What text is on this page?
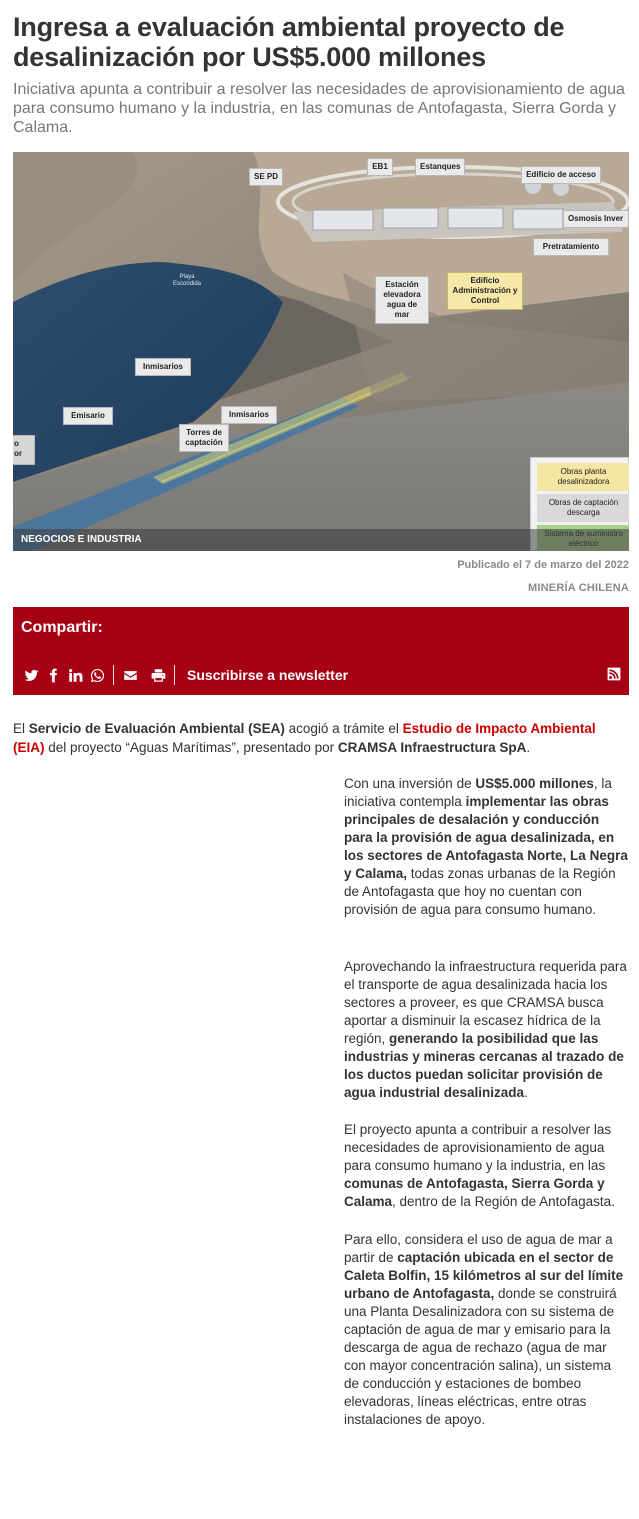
Ingresa a evaluación ambiental proyecto de desalinización por US$5.000 millones

Iniciativa apunta a contribuir a resolver las necesidades de aprovisionamiento de agua para consumo humano y la industria, en las comunas de Antofagasta, Sierra Gorda y Calama.

SE PD
EB1	Estanques
Edificio de acceso
Osmosis Inver
Pretratamiento
Estación elevadora agua de mar
Edificio Administración y Control
Playa Escondida
Inmisarios
Inmisarios
Emisario
Torres de captación
o
or
Obras planta desalinizadora
Obras de captación descarga
NEGOCIOS E INDUSTRIA
Publicado el 7 de marzo del 2022
MINERÍA CHILENA
Compartir:
Suscribirse a newsletter

El Servicio de Evaluación Ambiental (SEA) acogió a trámite el Estudio de Impacto Ambiental (EIA) del proyecto “Aguas Marítimas”, presentado por CRAMSA Infraestructura SpA.

Con una inversión de US$5.000 millones, la iniciativa contempla implementar las obras principales de desalación y conducción para la provisión de agua desalinizada, en los sectores de Antofagasta Norte, La Negra y Calama, todas zonas urbanas de la Región de Antofagasta que hoy no cuentan con provisión de agua para consumo humano.

Aprovechando la infraestructura requerida para el transporte de agua desalinizada hacia los sectores a proveer, es que CRAMSA busca aportar a disminuir la escasez hídrica de la región, generando la posibilidad que las industrias y mineras cercanas al trazado de los ductos puedan solicitar provisión de agua industrial desalinizada.

El proyecto apunta a contribuir a resolver las necesidades de aprovisionamiento de agua para consumo humano y la industria, en las comunas de Antofagasta, Sierra Gorda y Calama, dentro de la Región de Antofagasta.

Para ello, considera el uso de agua de mar a partir de captación ubicada en el sector de Caleta Bolfin, 15 kilómetros al sur del límite urbano de Antofagasta, donde se construirá una Planta Desalinizadora con su sistema de captación de agua de mar y emisario para la descarga de agua de rechazo (agua de mar con mayor concentración salina), un sistema de conducción y estaciones de bombeo elevadoras, líneas eléctricas, entre otras instalaciones de apoyo.
